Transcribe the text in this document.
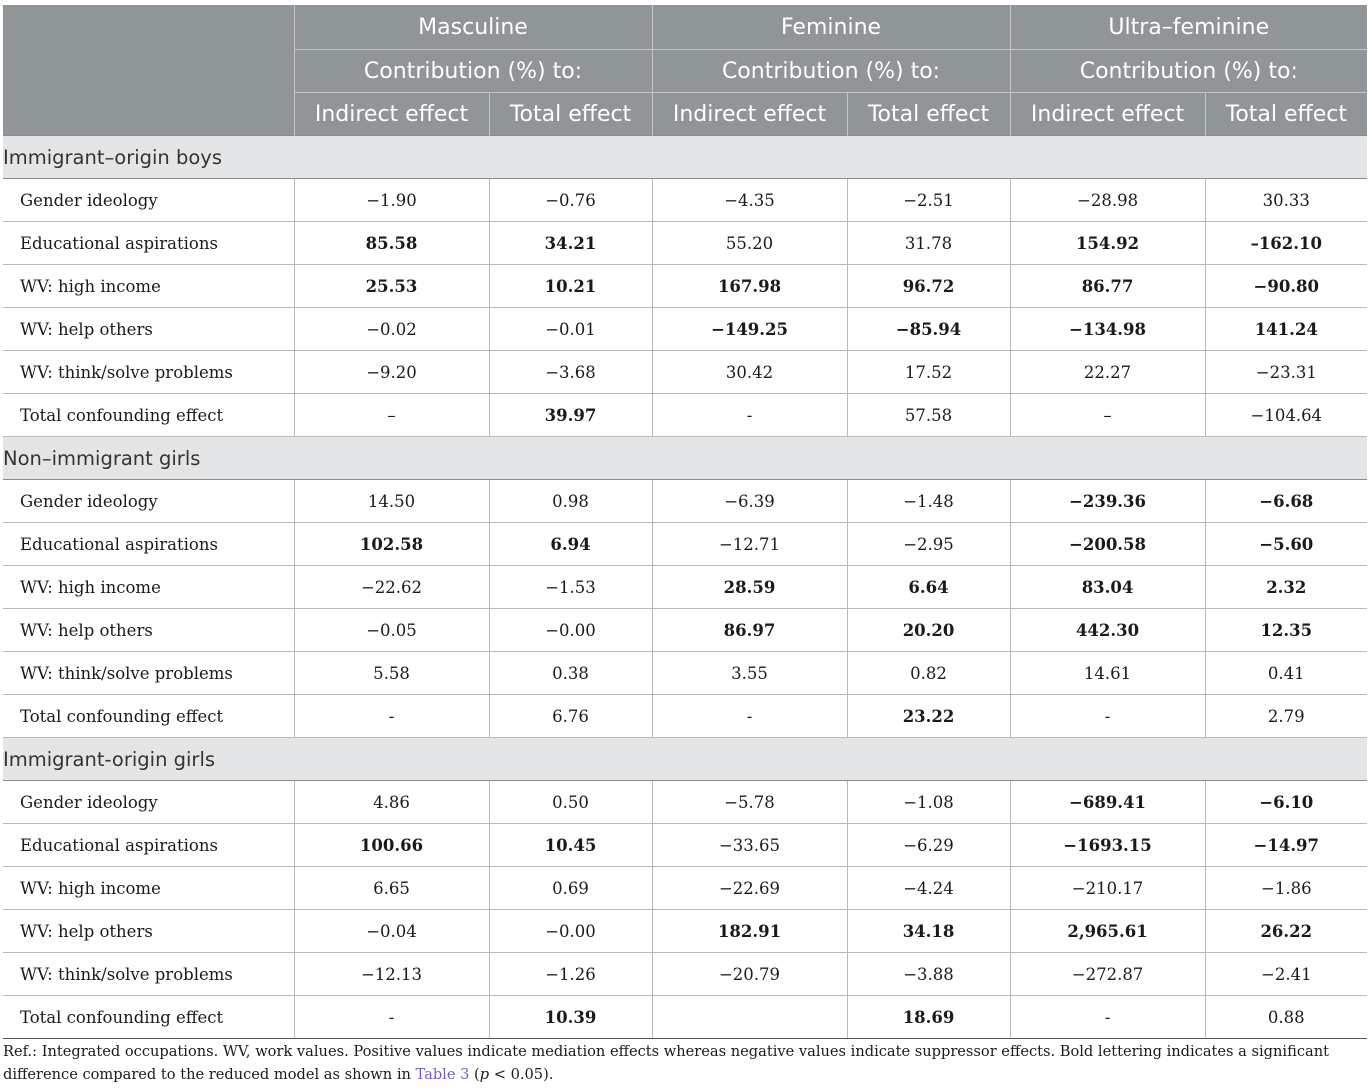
	Masculine		Feminine		Ultra–feminine	
	Contribution (%) to:		Contribution (%) to:		Contribution (%) to:	
	Indirect effect	Total effect	Indirect effect	Total effect	Indirect effect	Total effect
Immigrant–origin boys						
Gender ideology	−1.90	−0.76	−4.35	−2.51	−28.98	30.33
Educational aspirations	85.58	34.21	55.20	31.78	154.92	–162.10
WV: high income	25.53	10.21	167.98	96.72	86.77	−90.80
WV: help others	−0.02	−0.01	−149.25	−85.94	−134.98	141.24
WV: think/solve problems	−9.20	−3.68	30.42	17.52	22.27	−23.31
Total confounding effect	–	39.97	-	57.58	–	−104.64
Non–immigrant girls						
Gender ideology	14.50	0.98	−6.39	−1.48	−239.36	−6.68
Educational aspirations	102.58	6.94	−12.71	−2.95	−200.58	−5.60
WV: high income	−22.62	−1.53	28.59	6.64	83.04	2.32
WV: help others	−0.05	−0.00	86.97	20.20	442.30	12.35
WV: think/solve problems	5.58	0.38	3.55	0.82	14.61	0.41
Total confounding effect	-	6.76	-	23.22	-	2.79
Immigrant-origin girls						
Gender ideology	4.86	0.50	−5.78	−1.08	−689.41	−6.10
Educational aspirations	100.66	10.45	−33.65	−6.29	−1693.15	−14.97
WV: high income	6.65	0.69	−22.69	−4.24	−210.17	−1.86
WV: help others	−0.04	−0.00	182.91	34.18	2,965.61	26.22
WV: think/solve problems	−12.13	−1.26	−20.79	−3.88	−272.87	−2.41
Total confounding effect	-	10.39		18.69	-	0.88
Ref.: Integrated occupations. WV, work values. Positive values indicate mediation effects whereas negative values indicate suppressor effects. Bold lettering indicates a significant difference compared to the reduced model as shown in Table 3 (p < 0.05).
